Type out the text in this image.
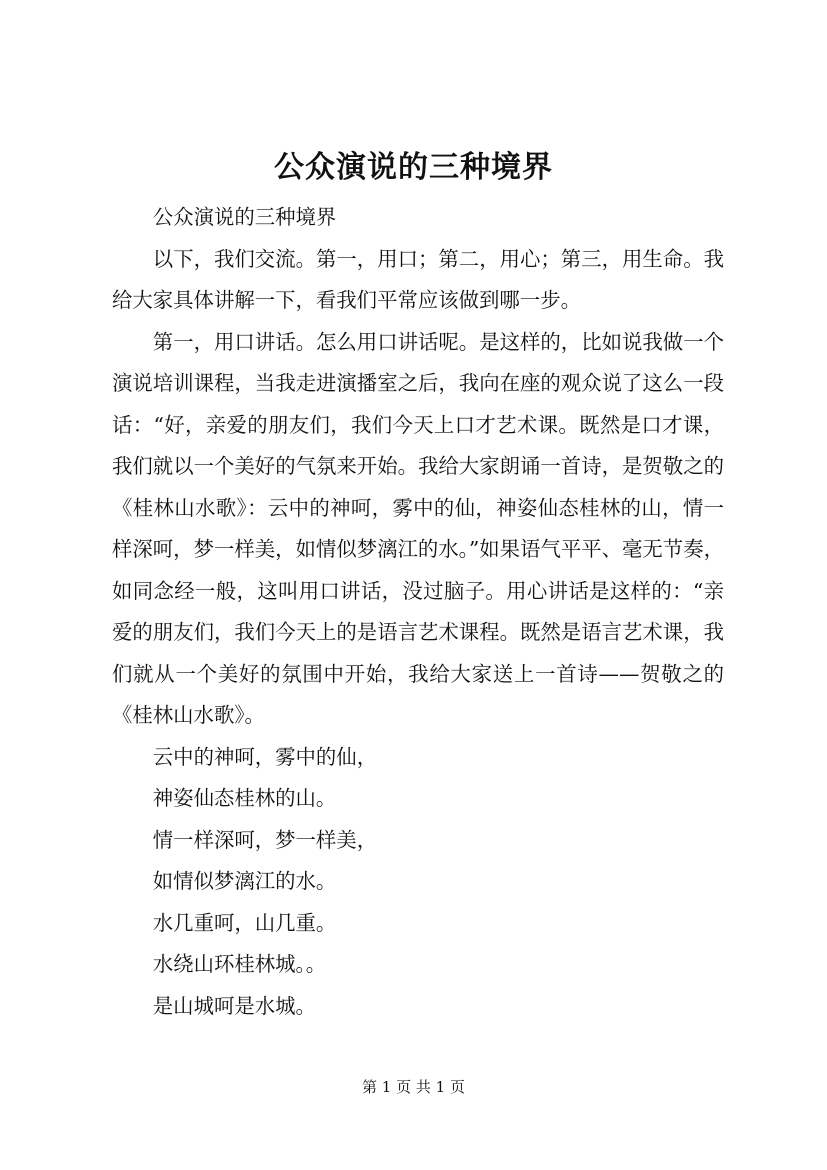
公众演说的三种境界

公众演说的三种境界

以下，我们交流。第一，用口；第二，用心；第三，用生命。我给大家具体讲解一下，看我们平常应该做到哪一步。

第一，用口讲话。怎么用口讲话呢。是这样的，比如说我做一个演说培训课程，当我走进演播室之后，我向在座的观众说了这么一段话：“好，亲爱的朋友们，我们今天上口才艺术课。既然是口才课，我们就以一个美好的气氛来开始。我给大家朗诵一首诗，是贺敬之的《桂林山水歌》：云中的神呵，雾中的仙，神姿仙态桂林的山，情一样深呵，梦一样美，如情似梦漓江的水。”如果语气平平、毫无节奏，如同念经一般，这叫用口讲话，没过脑子。用心讲话是这样的：“亲爱的朋友们，我们今天上的是语言艺术课程。既然是语言艺术课，我们就从一个美好的氛围中开始，我给大家送上一首诗——贺敬之的《桂林山水歌》。

云中的神呵，雾中的仙，

神姿仙态桂林的山。

情一样深呵，梦一样美，

如情似梦漓江的水。

水几重呵，山几重。

水绕山环桂林城。。

是山城呵是水城。

第 1 页 共 1 页
